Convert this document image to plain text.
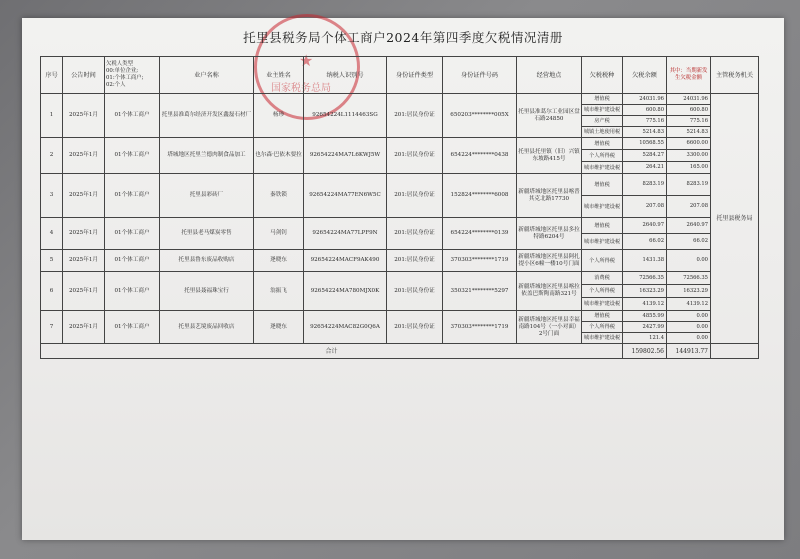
★
国家税务总局
托里县税务局个体工商户2024年第四季度欠税情况清册
序号	公告时间	欠税人类型
00:单位企业;
01:个体工商户;
02:个人	业户名称	业主姓名	纳税人识别号	身份证件类型	身份证件号码	经营地点	欠税税种	欠税余额	其中：当期新发生欠税金额	主管税务机关
1	2025年1月	01个体工商户	托里县准葛尔经济开发区鑫磊石材厂	杨珍	92654224L1114463SG	201:居民身份证	650203********005X	托里县准葛尔工业园区盘石路24850	增值税	24031.96	24031.96	托里县税务局
									城市维护建设税	600.80	600.80	
									房产税	775.16	775.16	
									城镇土地使用税	5214.83	5214.83	
2	2025年1月	01个体工商户	塔城地区托里兰德肉制食品加工	也尔森·巴依木要拉	92654224MA7L6KWJ5W	201:居民身份证	654224********0438	托里县托里镇（旧）兴镇东坡路415号	增值税	10568.55	6600.00	
									个人所得税	5284.27	3300.00	
									城市维护建设税	264.21	165.00	
3	2025年1月	01个体工商户	托里县彩砖厂	秦铁锁	92654224MA77EN6W5C	201:居民身份证	152824********6008	新疆塔城地区托里县喀普其克北路17730	增值税	8283.19	8283.19	
									城市维护建设税	207.08	207.08	
4	2025年1月	01个体工商户	托里县老马煤炭零售	马剑钊	92654224MA77LPF9N	201:居民身份证	654224********0139	新疆塔城地区托里县多拉特路6204号	增值税	2640.97	2640.97	
									城市维护建设税	66.02	66.02	
5	2025年1月	01个体工商户	托里县鲁东废品收购店	逄晓东	92654224MACF9AK490	201:居民身份证	370303********1719	新疆塔城地区托里县阿扎提小区6幢一楼10号门面	个人所得税	1431.38	0.00	
6	2025年1月	01个体工商户	托里县聂福珠宝行	翁振飞	92654224MA780MJX0K	201:居民身份证	350321********5297	新疆塔城地区托里县喀拉依盖巴斯陶南路321号	消费税	72566.35	72566.35	
									个人所得税	16323.29	16323.29	
									城市维护建设税	4139.12	4139.12	
7	2025年1月	01个体工商户	托里县艺境废品回收店	逄晓东	92654224MAC82G0Q6A	201:居民身份证	370303********1719	新疆塔城地区托里县幸福南路104号（一小对面）2号门面	增值税	4855.99	0.00	
									个人所得税	2427.99	0.00	
									城市维护建设税	121.4	0.00	
合计										159802.56	144913.77	
